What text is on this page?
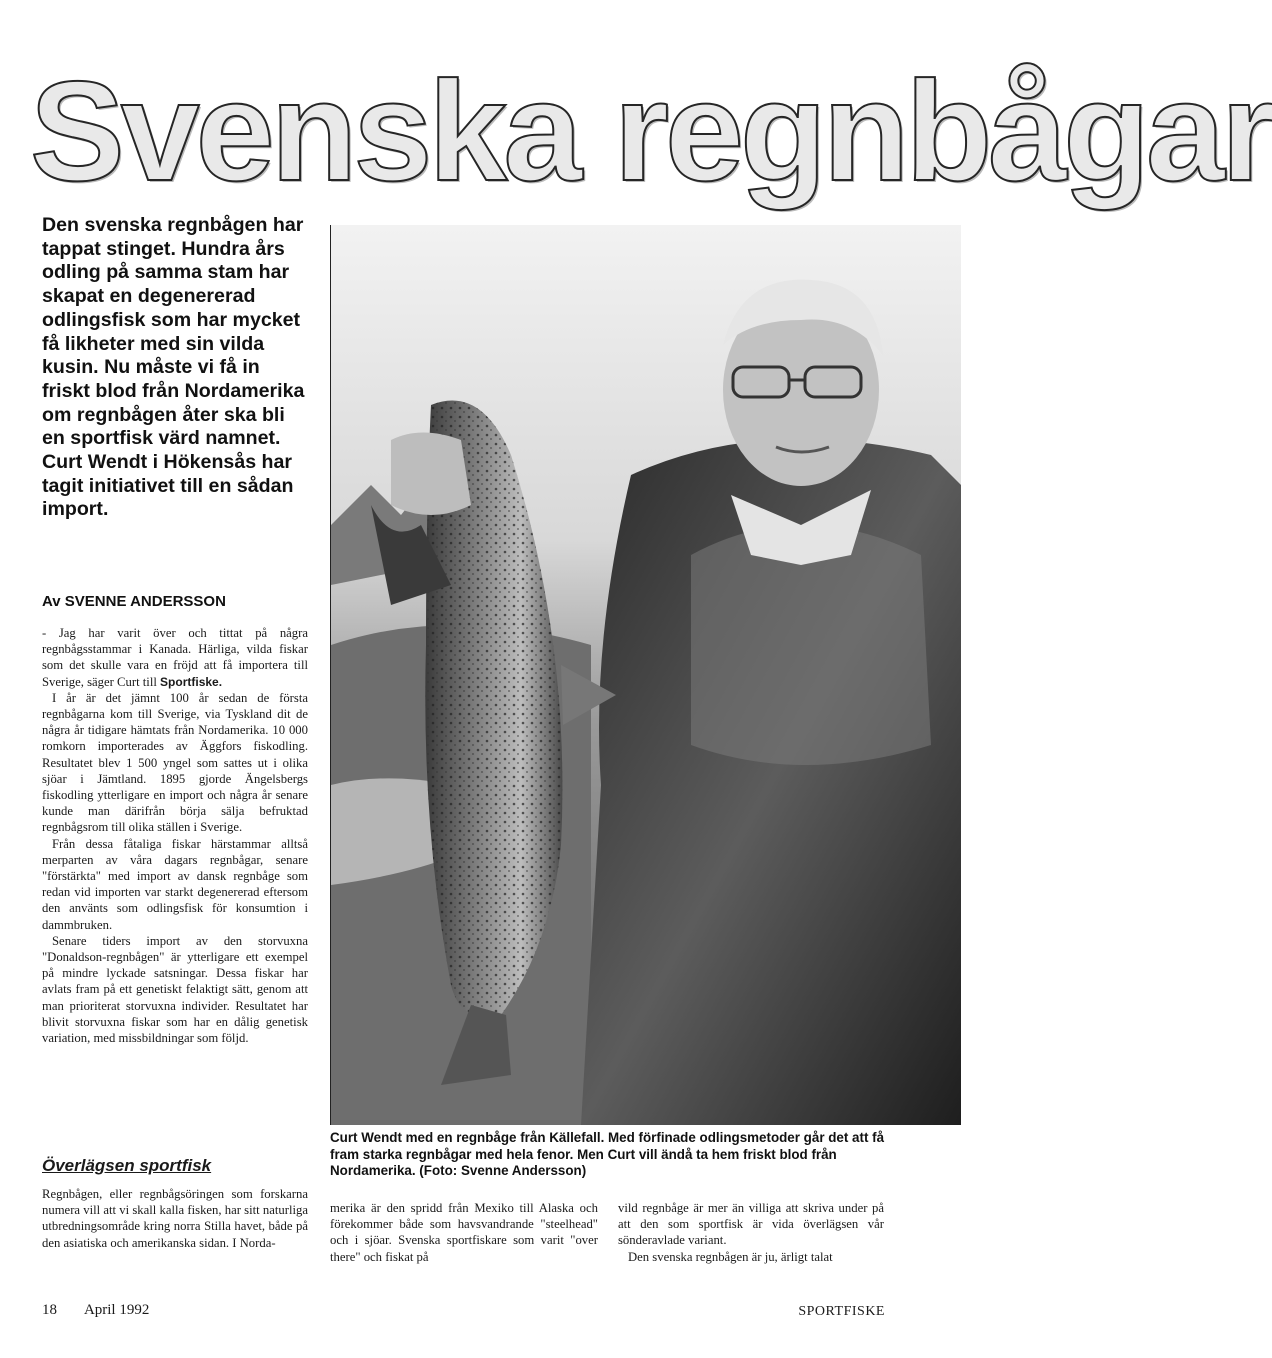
Svenska regnbågar
Den svenska regnbågen har tappat stinget. Hundra års odling på samma stam har skapat en degenererad odlingsfisk som har mycket få likheter med sin vilda kusin. Nu måste vi få in friskt blod från Nordamerika om regnbågen åter ska bli en sportfisk värd namnet. Curt Wendt i Hökensås har tagit initiativet till en sådan import.
Av SVENNE ANDERSSON

- Jag har varit över och tittat på några regnbågsstammar i Kanada. Härliga, vilda fiskar som det skulle vara en fröjd att få importera till Sverige, säger Curt till Sportfiske.

I år är det jämnt 100 år sedan de första regnbågarna kom till Sverige, via Tyskland dit de några år tidigare hämtats från Nordamerika. 10 000 romkorn importerades av Äggfors fiskodling. Resultatet blev 1 500 yngel som sattes ut i olika sjöar i Jämtland. 1895 gjorde Ängelsbergs fiskodling ytterligare en import och några år senare kunde man därifrån börja sälja befruktad regnbågsrom till olika ställen i Sverige.

Från dessa fåtaliga fiskar härstammar alltså merparten av våra dagars regnbågar, senare "förstärkta" med import av dansk regnbåge som redan vid importen var starkt degenererad eftersom den använts som odlingsfisk för konsumtion i dammbruken.

Senare tiders import av den storvuxna "Donaldson-regnbågen" är ytterligare ett exempel på mindre lyckade satsningar. Dessa fiskar har avlats fram på ett genetiskt felaktigt sätt, genom att man prioriterat storvuxna individer. Resultatet har blivit storvuxna fiskar som har en dålig genetisk variation, med missbildningar som följd.

Överlägsen sportfisk

Regnbågen, eller regnbågsöringen som forskarna numera vill att vi skall kalla fisken, har sitt naturliga utbredningsområde kring norra Stilla havet, både på den asiatiska och amerikanska sidan. I Norda-

merika är den spridd från Mexiko till Alaska och förekommer både som havsvandrande "steelhead" och i sjöar. Svenska sportfiskare som varit "over there" och fiskat på

vild regnbåge är mer än villiga att skriva under på att den som sportfisk är vida överlägsen vår sönderavlade variant.

Den svenska regnbågen är ju, ärligt talat

Curt Wendt med en regnbåge från Källefall. Med förfinade odlingsmetoder går det att få fram starka regnbågar med hela fenor. Men Curt vill ändå ta hem friskt blod från Nordamerika. (Foto: Svenne Andersson)
18 April 1992	SPORTFISKE
